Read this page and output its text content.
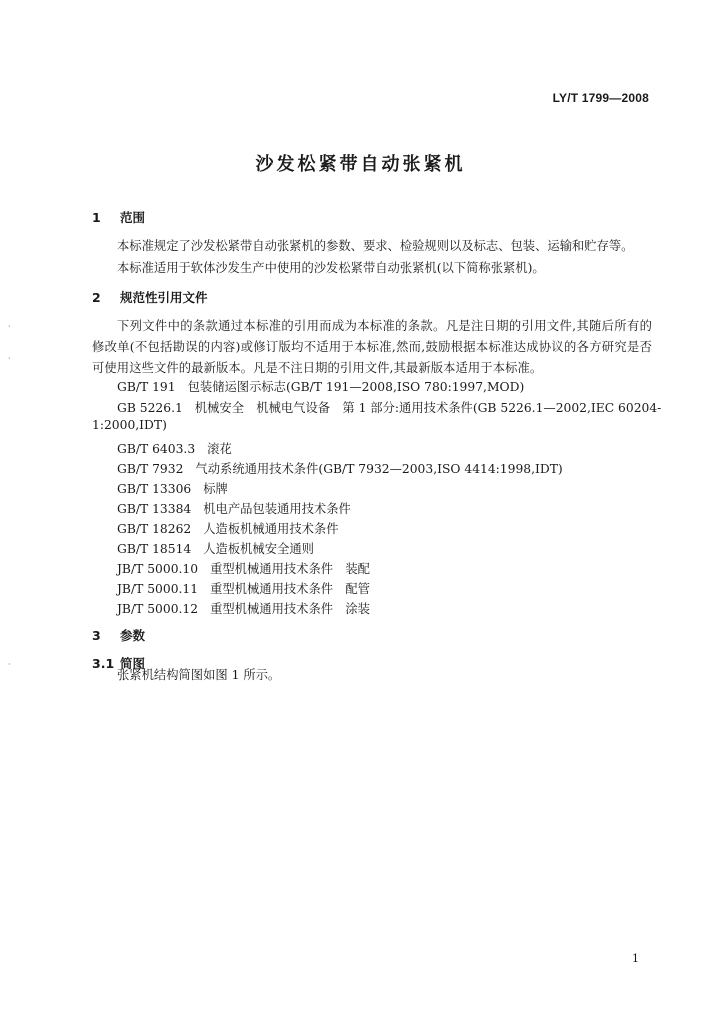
LY/T 1799—2008
沙发松紧带自动张紧机
1 范围
本标准规定了沙发松紧带自动张紧机的参数、要求、检验规则以及标志、包装、运输和贮存等。
本标准适用于软体沙发生产中使用的沙发松紧带自动张紧机(以下简称张紧机)。
2 规范性引用文件
下列文件中的条款通过本标准的引用而成为本标准的条款。凡是注日期的引用文件,其随后所有的修改单(不包括勘误的内容)或修订版均不适用于本标准,然而,鼓励根据本标准达成协议的各方研究是否可使用这些文件的最新版本。凡是不注日期的引用文件,其最新版本适用于本标准。
GB/T 191 包装储运图示标志(GB/T 191—2008,ISO 780:1997,MOD)
GB 5226.1 机械安全　机械电气设备　第 1 部分:通用技术条件(GB 5226.1—2002,IEC 60204-
1:2000,IDT)
GB/T 6403.3 滚花
GB/T 7932 气动系统通用技术条件(GB/T 7932—2003,ISO 4414:1998,IDT)
GB/T 13306 标牌
GB/T 13384 机电产品包装通用技术条件
GB/T 18262 人造板机械通用技术条件
GB/T 18514 人造板机械安全通则
JB/T 5000.10 重型机械通用技术条件　装配
JB/T 5000.11 重型机械通用技术条件　配管
JB/T 5000.12 重型机械通用技术条件　涂装
3 参数
3.1 简图
张紧机结构简图如图 1 所示。
1
·
·
·
